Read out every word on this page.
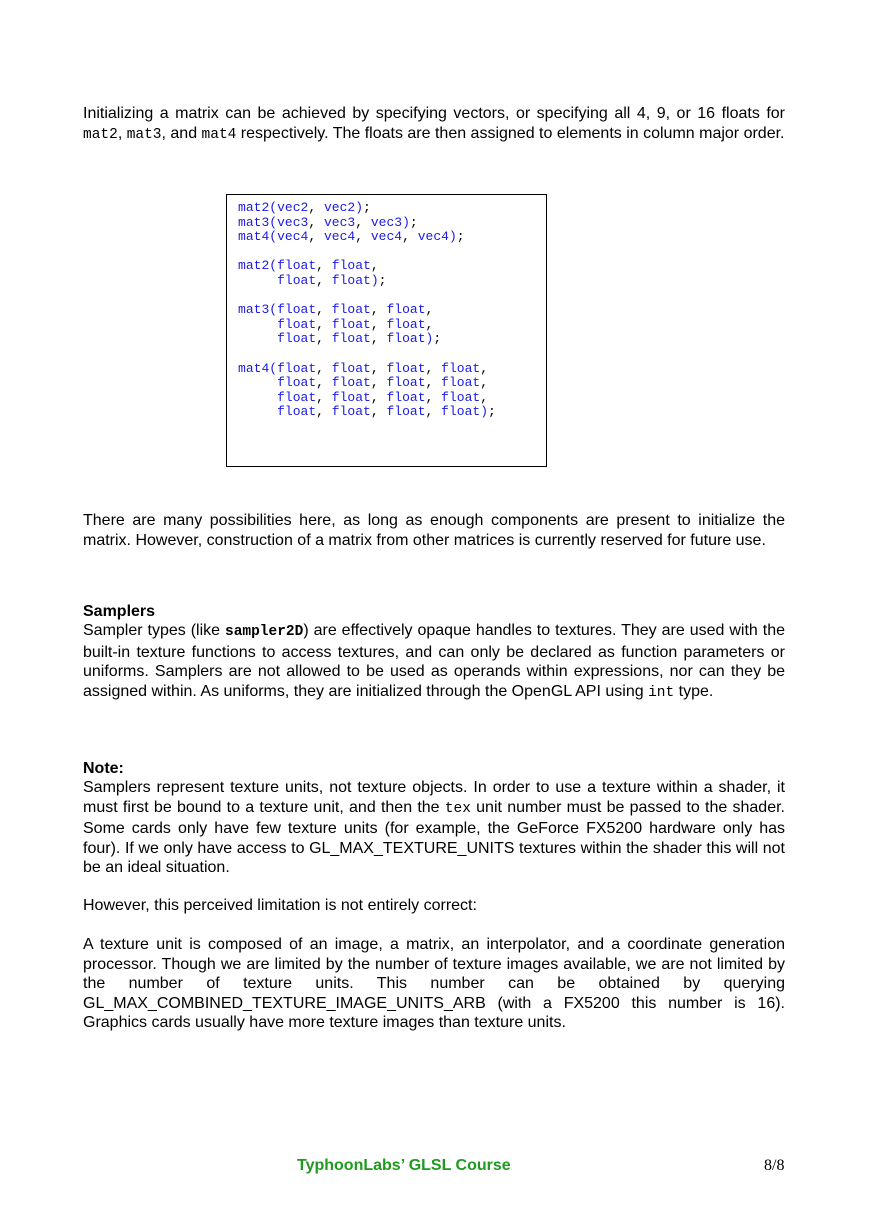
Initializing a matrix can be achieved by specifying vectors, or specifying all 4, 9, or 16 floats for mat2, mat3, and mat4 respectively. The floats are then assigned to elements in column major order.

mat2(vec2, vec2);
mat3(vec3, vec3, vec3);
mat4(vec4, vec4, vec4, vec4);

mat2(float, float,
float, float);

mat3(float, float, float,
float, float, float,
float, float, float);

mat4(float, float, float, float,
float, float, float, float,
float, float, float, float,
float, float, float, float);

There are many possibilities here, as long as enough components are present to initialize the matrix. However, construction of a matrix from other matrices is currently reserved for future use.

Samplers

Sampler types (like sampler2D) are effectively opaque handles to textures. They are used with the built-in texture functions to access textures, and can only be declared as function parameters or uniforms. Samplers are not allowed to be used as operands within expressions, nor can they be assigned within. As uniforms, they are initialized through the OpenGL API using int type.

Note:

Samplers represent texture units, not texture objects. In order to use a texture within a shader, it must first be bound to a texture unit, and then the tex unit number must be passed to the shader. Some cards only have few texture units (for example, the GeForce FX5200 hardware only has four). If we only have access to GL_MAX_TEXTURE_UNITS textures within the shader this will not be an ideal situation.

However, this perceived limitation is not entirely correct:

A texture unit is composed of an image, a matrix, an interpolator, and a coordinate generation processor. Though we are limited by the number of texture images available, we are not limited by the number of texture units. This number can be obtained by querying GL_MAX_COMBINED_TEXTURE_IMAGE_UNITS_ARB (with a FX5200 this number is 16). Graphics cards usually have more texture images than texture units.

TyphoonLabs’ GLSL Course	8/8
